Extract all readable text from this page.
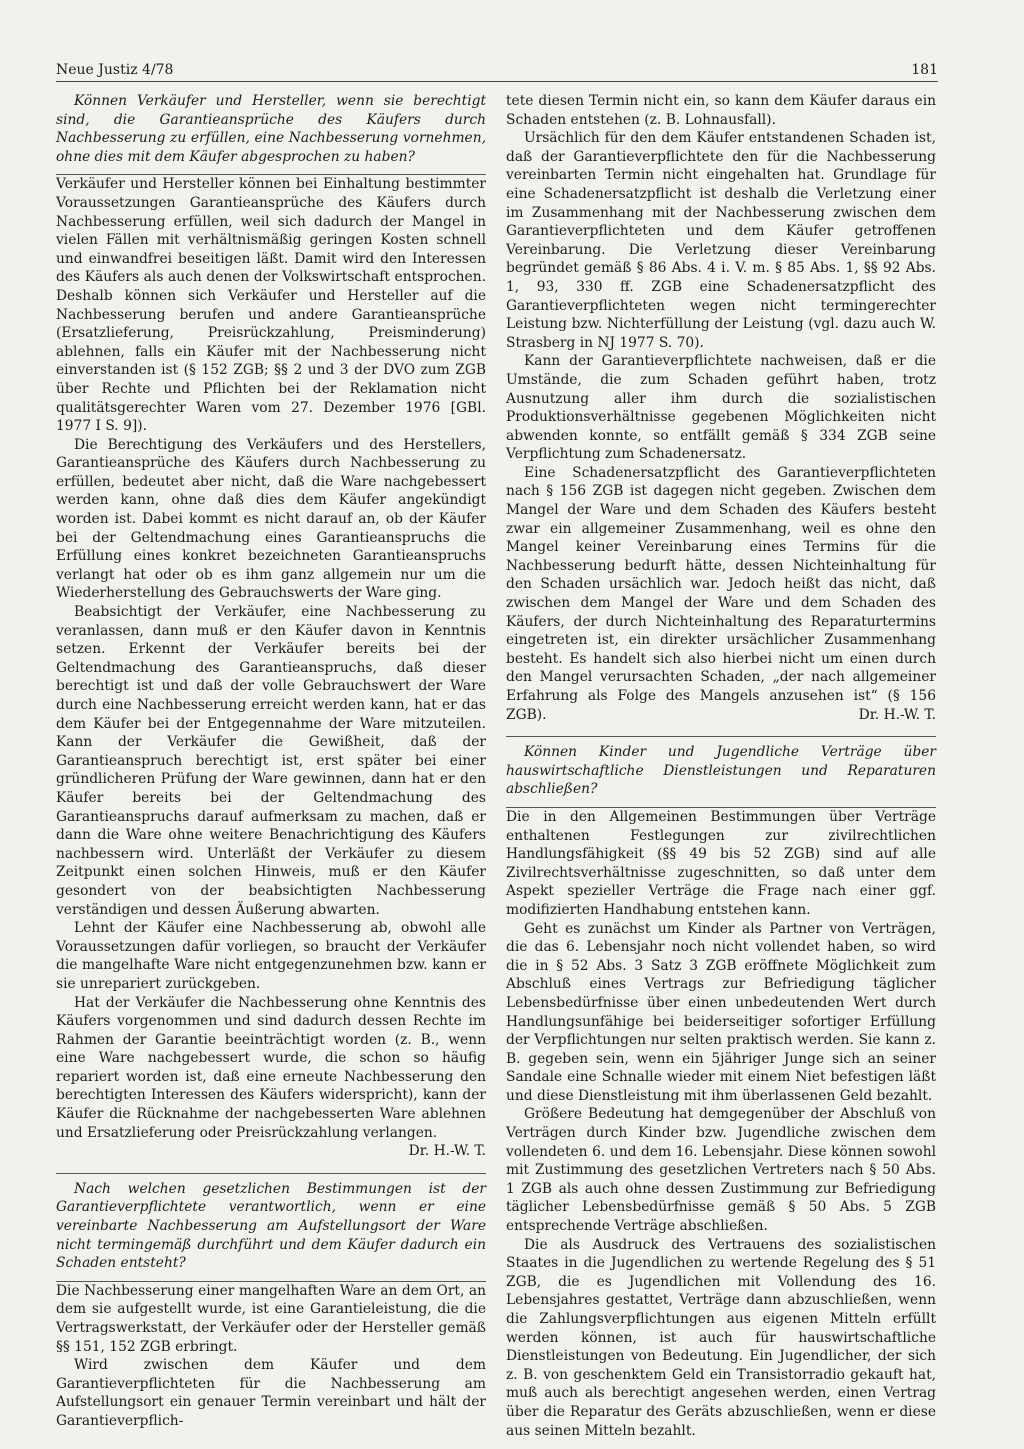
Neue Justiz 4/78	181

Können Verkäufer und Hersteller, wenn sie berechtigt sind, die Garantieansprüche des Käufers durch Nachbesserung zu erfüllen, eine Nachbesserung vornehmen, ohne dies mit dem Käufer abgesprochen zu haben?

Verkäufer und Hersteller können bei Einhaltung bestimmter Voraussetzungen Garantieansprüche des Käufers durch Nachbesserung erfüllen, weil sich dadurch der Mangel in vielen Fällen mit verhältnismäßig geringen Kosten schnell und einwandfrei beseitigen läßt. Damit wird den Interessen des Käufers als auch denen der Volkswirtschaft entsprochen. Deshalb können sich Verkäufer und Hersteller auf die Nachbesserung berufen und andere Garantieansprüche (Ersatzlieferung, Preisrückzahlung, Preisminderung) ablehnen, falls ein Käufer mit der Nachbesserung nicht einverstanden ist (§ 152 ZGB; §§ 2 und 3 der DVO zum ZGB über Rechte und Pflichten bei der Reklamation nicht qualitätsgerechter Waren vom 27. Dezember 1976 [GBl. 1977 I S. 9]).

Die Berechtigung des Verkäufers und des Herstellers, Garantieansprüche des Käufers durch Nachbesserung zu erfüllen, bedeutet aber nicht, daß die Ware nachgebessert werden kann, ohne daß dies dem Käufer angekündigt worden ist. Dabei kommt es nicht darauf an, ob der Käufer bei der Geltendmachung eines Garantieanspruchs die Erfüllung eines konkret bezeichneten Garantieanspruchs verlangt hat oder ob es ihm ganz allgemein nur um die Wiederherstellung des Gebrauchswerts der Ware ging.

Beabsichtigt der Verkäufer, eine Nachbesserung zu veranlassen, dann muß er den Käufer davon in Kenntnis setzen. Erkennt der Verkäufer bereits bei der Geltendmachung des Garantieanspruchs, daß dieser berechtigt ist und daß der volle Gebrauchswert der Ware durch eine Nachbesserung erreicht werden kann, hat er das dem Käufer bei der Entgegennahme der Ware mitzuteilen. Kann der Verkäufer die Gewißheit, daß der Garantieanspruch berechtigt ist, erst später bei einer gründlicheren Prüfung der Ware gewinnen, dann hat er den Käufer bereits bei der Geltendmachung des Garantieanspruchs darauf aufmerksam zu machen, daß er dann die Ware ohne weitere Benachrichtigung des Käufers nachbessern wird. Unterläßt der Verkäufer zu diesem Zeitpunkt einen solchen Hinweis, muß er den Käufer gesondert von der beabsichtigten Nachbesserung verständigen und dessen Äußerung abwarten.

Lehnt der Käufer eine Nachbesserung ab, obwohl alle Voraussetzungen dafür vorliegen, so braucht der Verkäufer die mangelhafte Ware nicht entgegenzunehmen bzw. kann er sie unrepariert zurückgeben.

Hat der Verkäufer die Nachbesserung ohne Kenntnis des Käufers vorgenommen und sind dadurch dessen Rechte im Rahmen der Garantie beeinträchtigt worden (z. B., wenn eine Ware nachgebessert wurde, die schon so häufig repariert worden ist, daß eine erneute Nachbesserung den berechtigten Interessen des Käufers widerspricht), kann der Käufer die Rücknahme der nachgebesserten Ware ablehnen und Ersatzlieferung oder Preisrückzahlung verlangen.

Dr. H.-W. T.

Nach welchen gesetzlichen Bestimmungen ist der Garantieverpflichtete verantwortlich, wenn er eine vereinbarte Nachbesserung am Aufstellungsort der Ware nicht termingemäß durchführt und dem Käufer dadurch ein Schaden entsteht?

Die Nachbesserung einer mangelhaften Ware an dem Ort, an dem sie aufgestellt wurde, ist eine Garantieleistung, die die Vertragswerkstatt, der Verkäufer oder der Hersteller gemäß §§ 151, 152 ZGB erbringt.

Wird zwischen dem Käufer und dem Garantieverpflichteten für die Nachbesserung am Aufstellungsort ein genauer Termin vereinbart und hält der Garantieverpflich-

tete diesen Termin nicht ein, so kann dem Käufer daraus ein Schaden entstehen (z. B. Lohnausfall).

Ursächlich für den dem Käufer entstandenen Schaden ist, daß der Garantieverpflichtete den für die Nachbesserung vereinbarten Termin nicht eingehalten hat. Grundlage für eine Schadenersatzpflicht ist deshalb die Verletzung einer im Zusammenhang mit der Nachbesserung zwischen dem Garantieverpflichteten und dem Käufer getroffenen Vereinbarung. Die Verletzung dieser Vereinbarung begründet gemäß § 86 Abs. 4 i. V. m. § 85 Abs. 1, §§ 92 Abs. 1, 93, 330 ff. ZGB eine Schadenersatzpflicht des Garantieverpflichteten wegen nicht termingerechter Leistung bzw. Nichterfüllung der Leistung (vgl. dazu auch W. Strasberg in NJ 1977 S. 70).

Kann der Garantieverpflichtete nachweisen, daß er die Umstände, die zum Schaden geführt haben, trotz Ausnutzung aller ihm durch die sozialistischen Produktionsverhältnisse gegebenen Möglichkeiten nicht abwenden konnte, so entfällt gemäß § 334 ZGB seine Verpflichtung zum Schadenersatz.

Eine Schadenersatzpflicht des Garantieverpflichteten nach § 156 ZGB ist dagegen nicht gegeben. Zwischen dem Mangel der Ware und dem Schaden des Käufers besteht zwar ein allgemeiner Zusammenhang, weil es ohne den Mangel keiner Vereinbarung eines Termins für die Nachbesserung bedurft hätte, dessen Nichteinhaltung für den Schaden ursächlich war. Jedoch heißt das nicht, daß zwischen dem Mangel der Ware und dem Schaden des Käufers, der durch Nichteinhaltung des Reparaturtermins eingetreten ist, ein direkter ursächlicher Zusammenhang besteht. Es handelt sich also hierbei nicht um einen durch den Mangel verursachten Schaden, „der nach allgemeiner Erfahrung als Folge des Mangels anzusehen ist“ (§ 156 ZGB).	Dr. H.-W. T.

Können Kinder und Jugendliche Verträge über hauswirtschaftliche Dienstleistungen und Reparaturen abschließen?

Die in den Allgemeinen Bestimmungen über Verträge enthaltenen Festlegungen zur zivilrechtlichen Handlungsfähigkeit (§§ 49 bis 52 ZGB) sind auf alle Zivilrechtsverhältnisse zugeschnitten, so daß unter dem Aspekt spezieller Verträge die Frage nach einer ggf. modifizierten Handhabung entstehen kann.

Geht es zunächst um Kinder als Partner von Verträgen, die das 6. Lebensjahr noch nicht vollendet haben, so wird die in § 52 Abs. 3 Satz 3 ZGB eröffnete Möglichkeit zum Abschluß eines Vertrags zur Befriedigung täglicher Lebensbedürfnisse über einen unbedeutenden Wert durch Handlungsunfähige bei beiderseitiger sofortiger Erfüllung der Verpflichtungen nur selten praktisch werden. Sie kann z. B. gegeben sein, wenn ein 5jähriger Junge sich an seiner Sandale eine Schnalle wieder mit einem Niet befestigen läßt und diese Dienstleistung mit ihm überlassenen Geld bezahlt.

Größere Bedeutung hat demgegenüber der Abschluß von Verträgen durch Kinder bzw. Jugendliche zwischen dem vollendeten 6. und dem 16. Lebensjahr. Diese können sowohl mit Zustimmung des gesetzlichen Vertreters nach § 50 Abs. 1 ZGB als auch ohne dessen Zustimmung zur Befriedigung täglicher Lebensbedürfnisse gemäß § 50 Abs. 5 ZGB entsprechende Verträge abschließen.

Die als Ausdruck des Vertrauens des sozialistischen Staates in die Jugendlichen zu wertende Regelung des § 51 ZGB, die es Jugendlichen mit Vollendung des 16. Lebensjahres gestattet, Verträge dann abzuschließen, wenn die Zahlungsverpflichtungen aus eigenen Mitteln erfüllt werden können, ist auch für hauswirtschaftliche Dienstleistungen von Bedeutung. Ein Jugendlicher, der sich z. B. von geschenktem Geld ein Transistorradio gekauft hat, muß auch als berechtigt angesehen werden, einen Vertrag über die Reparatur des Geräts abzuschließen, wenn er diese aus seinen Mitteln bezahlt.
